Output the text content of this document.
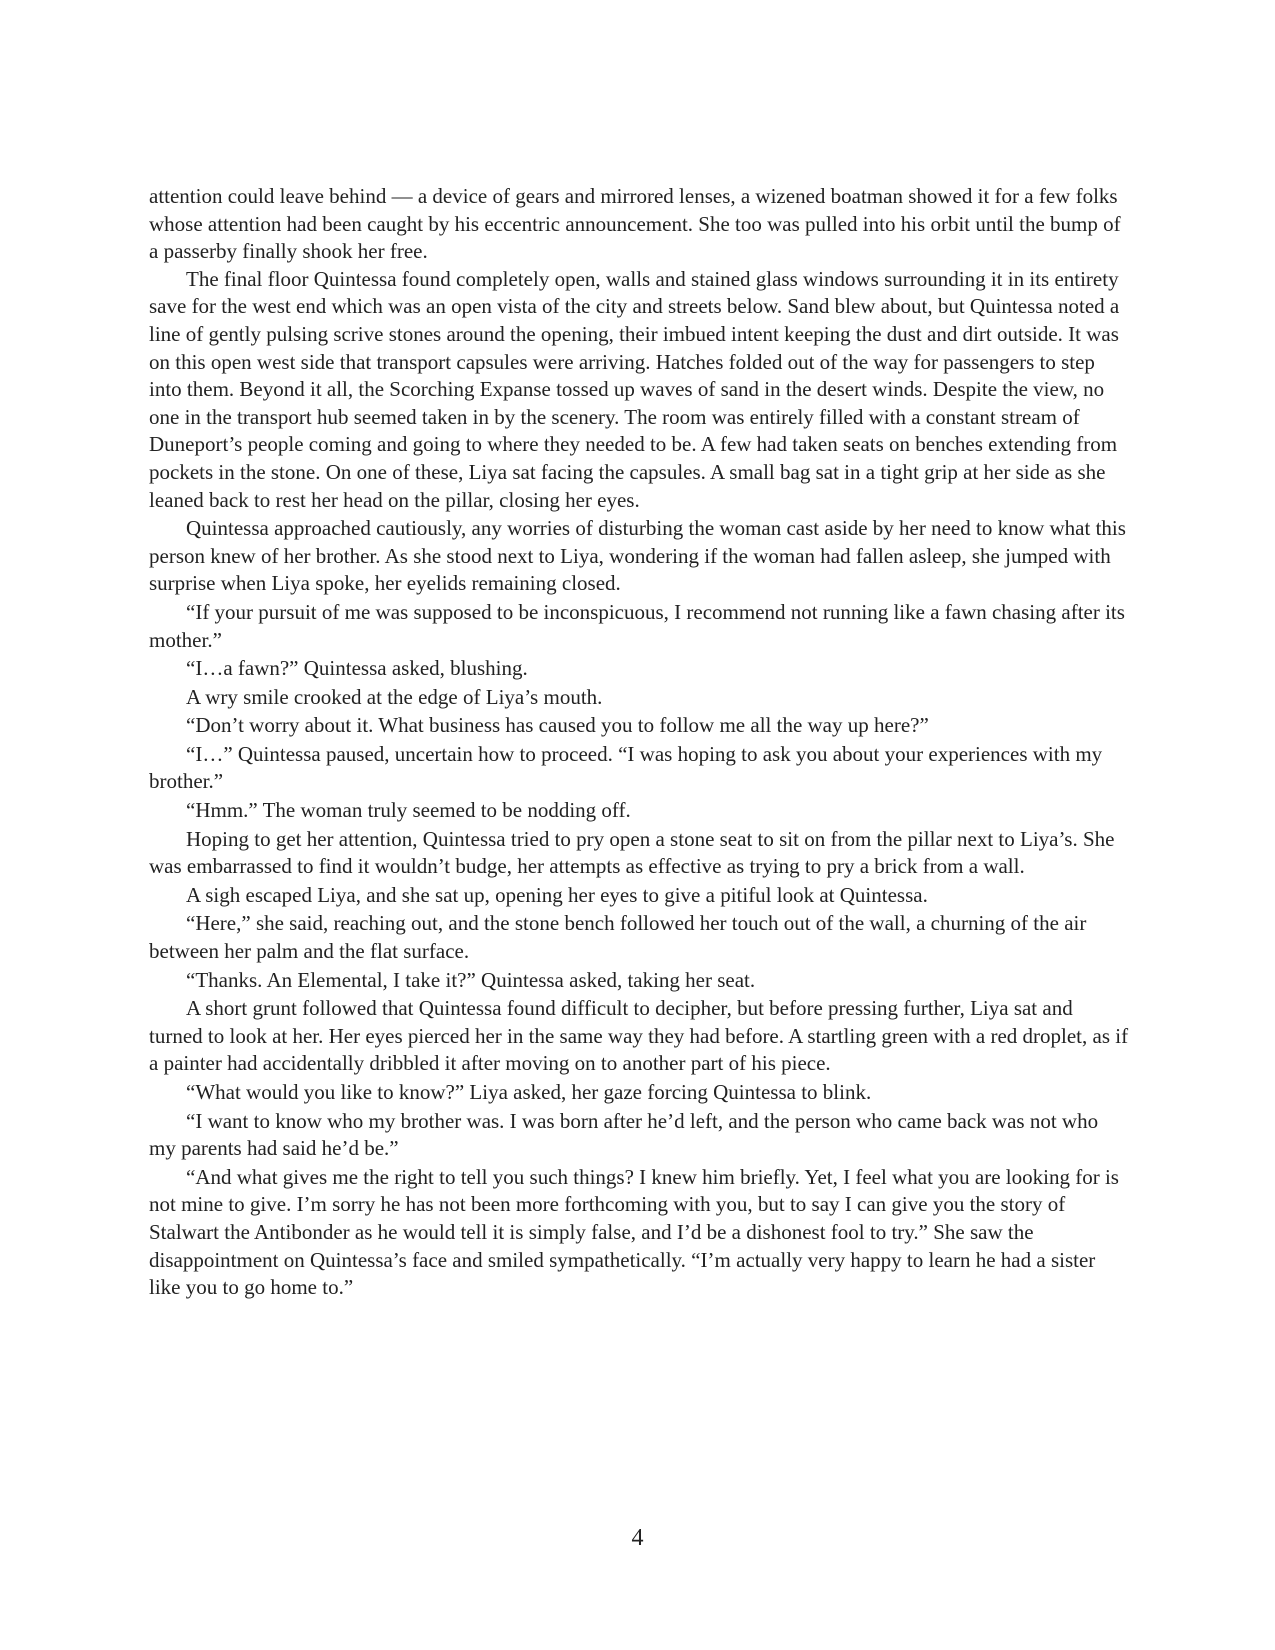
attention could leave behind — a device of gears and mirrored lenses, a wizened boatman showed it for a few folks whose attention had been caught by his eccentric announcement. She too was pulled into his orbit until the bump of a passerby finally shook her free.

The final floor Quintessa found completely open, walls and stained glass windows surrounding it in its entirety save for the west end which was an open vista of the city and streets below. Sand blew about, but Quintessa noted a line of gently pulsing scrive stones around the opening, their imbued intent keeping the dust and dirt outside. It was on this open west side that transport capsules were arriving. Hatches folded out of the way for passengers to step into them. Beyond it all, the Scorching Expanse tossed up waves of sand in the desert winds. Despite the view, no one in the transport hub seemed taken in by the scenery. The room was entirely filled with a constant stream of Duneport’s people coming and going to where they needed to be. A few had taken seats on benches extending from pockets in the stone. On one of these, Liya sat facing the capsules. A small bag sat in a tight grip at her side as she leaned back to rest her head on the pillar, closing her eyes.

Quintessa approached cautiously, any worries of disturbing the woman cast aside by her need to know what this person knew of her brother. As she stood next to Liya, wondering if the woman had fallen asleep, she jumped with surprise when Liya spoke, her eyelids remaining closed.

“If your pursuit of me was supposed to be inconspicuous, I recommend not running like a fawn chasing after its mother.”

“I…a fawn?” Quintessa asked, blushing.

A wry smile crooked at the edge of Liya’s mouth.

“Don’t worry about it. What business has caused you to follow me all the way up here?”

“I…” Quintessa paused, uncertain how to proceed. “I was hoping to ask you about your experiences with my brother.”

“Hmm.” The woman truly seemed to be nodding off.

Hoping to get her attention, Quintessa tried to pry open a stone seat to sit on from the pillar next to Liya’s. She was embarrassed to find it wouldn’t budge, her attempts as effective as trying to pry a brick from a wall.

A sigh escaped Liya, and she sat up, opening her eyes to give a pitiful look at Quintessa.

“Here,” she said, reaching out, and the stone bench followed her touch out of the wall, a churning of the air between her palm and the flat surface.

“Thanks. An Elemental, I take it?” Quintessa asked, taking her seat.

A short grunt followed that Quintessa found difficult to decipher, but before pressing further, Liya sat and turned to look at her. Her eyes pierced her in the same way they had before. A startling green with a red droplet, as if a painter had accidentally dribbled it after moving on to another part of his piece.

“What would you like to know?” Liya asked, her gaze forcing Quintessa to blink.

“I want to know who my brother was. I was born after he’d left, and the person who came back was not who my parents had said he’d be.”

“And what gives me the right to tell you such things? I knew him briefly. Yet, I feel what you are looking for is not mine to give. I’m sorry he has not been more forthcoming with you, but to say I can give you the story of Stalwart the Antibonder as he would tell it is simply false, and I’d be a dishonest fool to try.” She saw the disappointment on Quintessa’s face and smiled sympathetically. “I’m actually very happy to learn he had a sister like you to go home to.”

4
